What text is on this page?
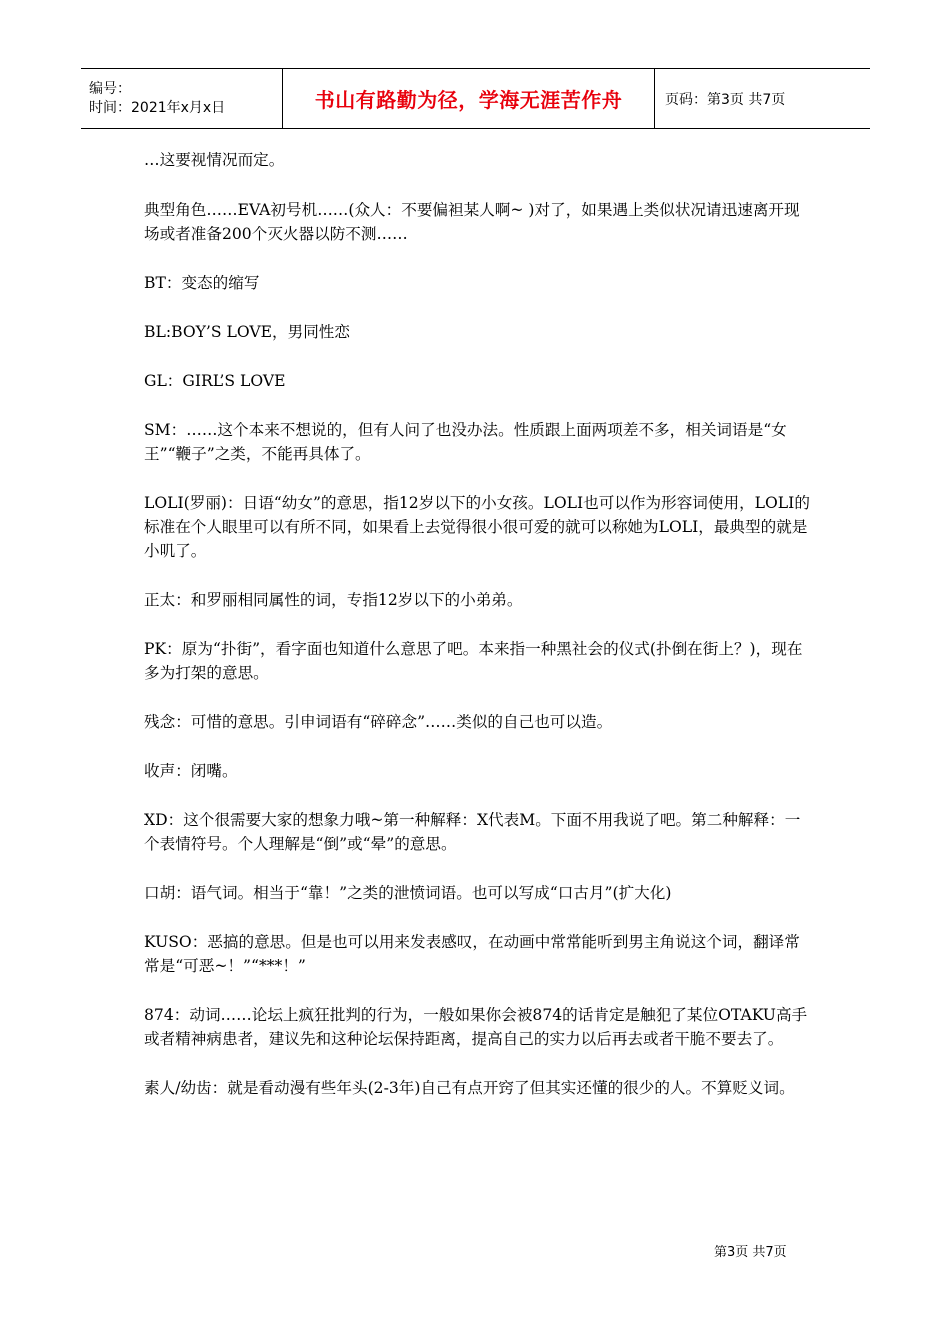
编号：
时间：2021年x月x日	书山有路勤为径，学海无涯苦作舟	页码：第3页 共7页

…这要视情况而定。

典型角色……EVA初号机……(众人：不要偏袒某人啊~ )对了，如果遇上类似状况请迅速离开现场或者准备200个灭火器以防不测……

BT：变态的缩写

BL:BOY’S LOVE，男同性恋

GL：GIRL’S LOVE

SM：……这个本来不想说的，但有人问了也没办法。性质跟上面两项差不多，相关词语是“女王”“鞭子”之类，不能再具体了。

LOLI(罗丽)：日语“幼女”的意思，指12岁以下的小女孩。LOLI也可以作为形容词使用，LOLI的标准在个人眼里可以有所不同，如果看上去觉得很小很可爱的就可以称她为LOLI，最典型的就是小叽了。

正太：和罗丽相同属性的词，专指12岁以下的小弟弟。

PK：原为“扑街”，看字面也知道什么意思了吧。本来指一种黑社会的仪式(扑倒在街上？)，现在多为打架的意思。

残念：可惜的意思。引申词语有“碎碎念”……类似的自己也可以造。

收声：闭嘴。

XD：这个很需要大家的想象力哦~第一种解释：X代表M。下面不用我说了吧。第二种解释：一个表情符号。个人理解是“倒”或“晕”的意思。

口胡：语气词。相当于“靠！”之类的泄愤词语。也可以写成“口古月”(扩大化)

KUSO：恶搞的意思。但是也可以用来发表感叹，在动画中常常能听到男主角说这个词，翻译常常是“可恶~！”“***！”

874：动词……论坛上疯狂批判的行为，一般如果你会被874的话肯定是触犯了某位OTAKU高手或者精神病患者，建议先和这种论坛保持距离，提高自己的实力以后再去或者干脆不要去了。

素人/幼齿：就是看动漫有些年头(2-3年)自己有点开窍了但其实还懂的很少的人。不算贬义词。

第3页 共7页
